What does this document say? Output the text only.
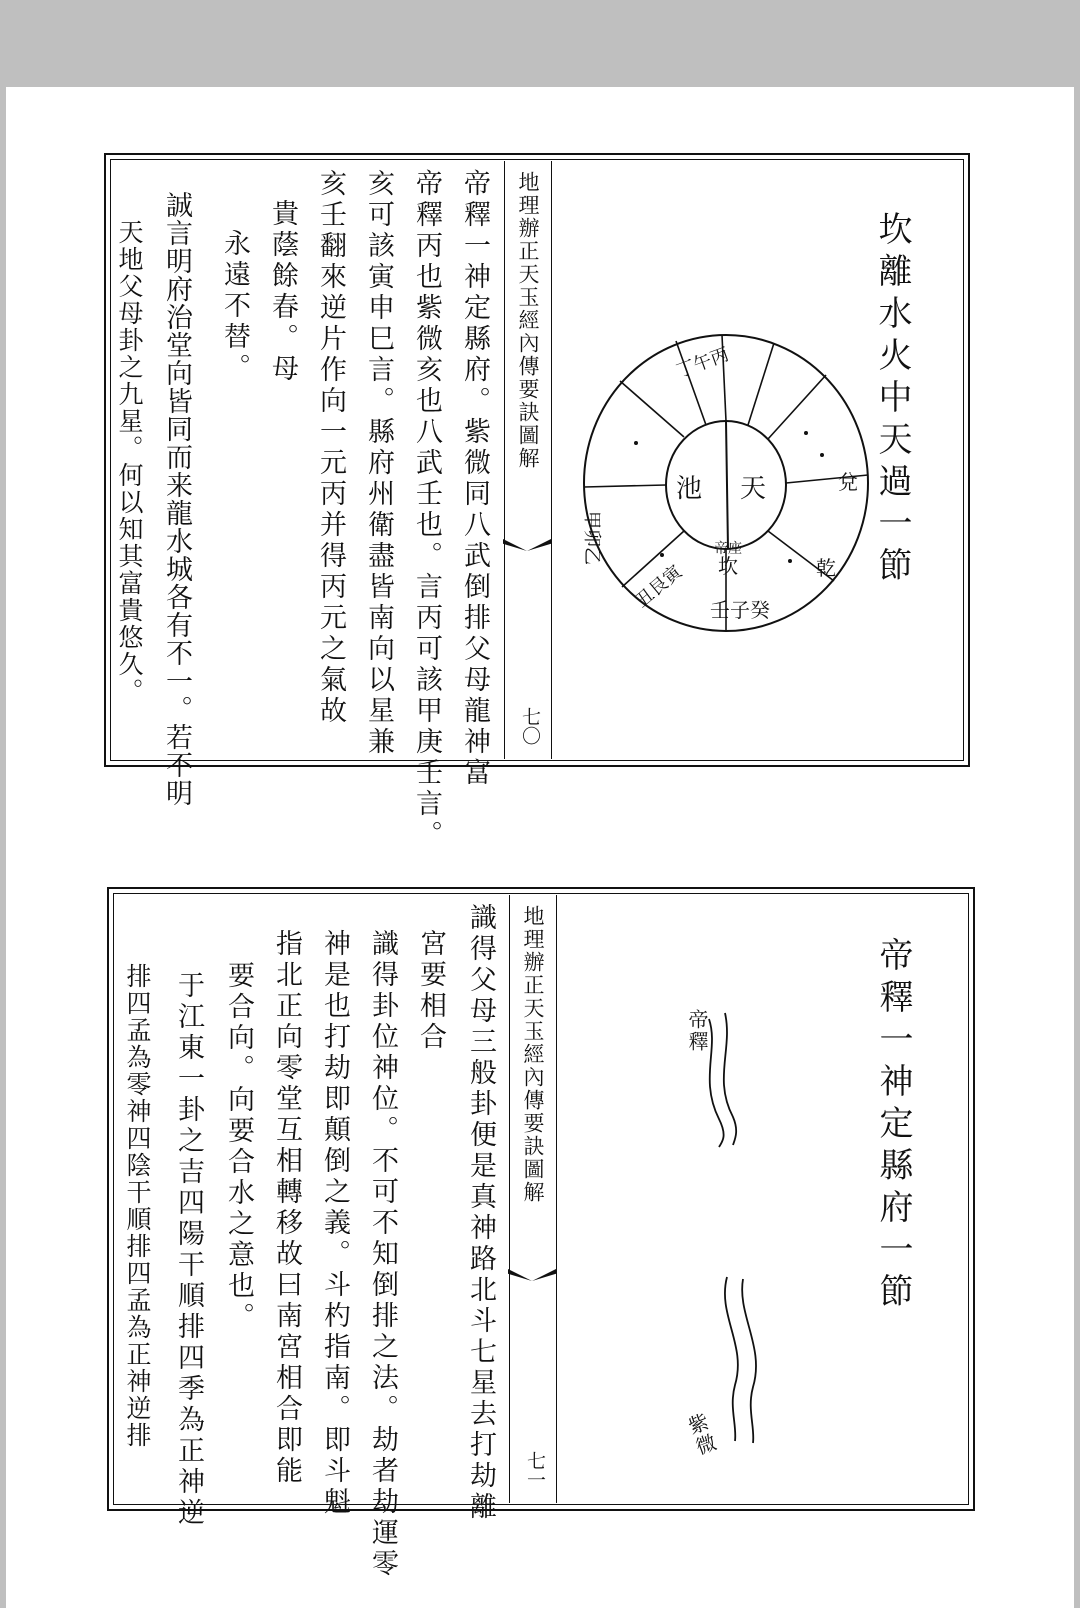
帝釋一神定縣府。紫微同八武倒排父母龍神富
帝釋丙也紫微亥也八武壬也。言丙可該甲庚壬言。
亥可該寅申巳言。縣府州衛盡皆南向以星兼
亥壬翻來逆片作向一元丙并得丙元之氣故
貴蔭餘春。母
永遠不替。
誠言明府治堂向皆同而来龍水城各有不一。若不明
天地父母卦之九星。何以知其富貴悠久。	地理辦正天玉經內傳要訣圖解
七〇
坎離水火中天過一節
池 天
丁午丙
甲卯乙
壬子癸
丑艮寅 坎
帝座
乾
兌
識得父母三般卦便是真神路北斗七星去打劫離
宮要相合
識得卦位神位。不可不知倒排之法。劫者劫運零
神是也打劫即顛倒之義。斗杓指南。即斗魁
指北正向零堂互相轉移故曰南宮相合即能
要合向。向要合水之意也。
于江東一卦之吉四陽干順排四季為正神逆
排四孟為零神四陰干順排四孟為正神逆排	地理辦正天玉經內傳要訣圖解
七一
帝釋一神定縣府一節
帝釋
紫微
